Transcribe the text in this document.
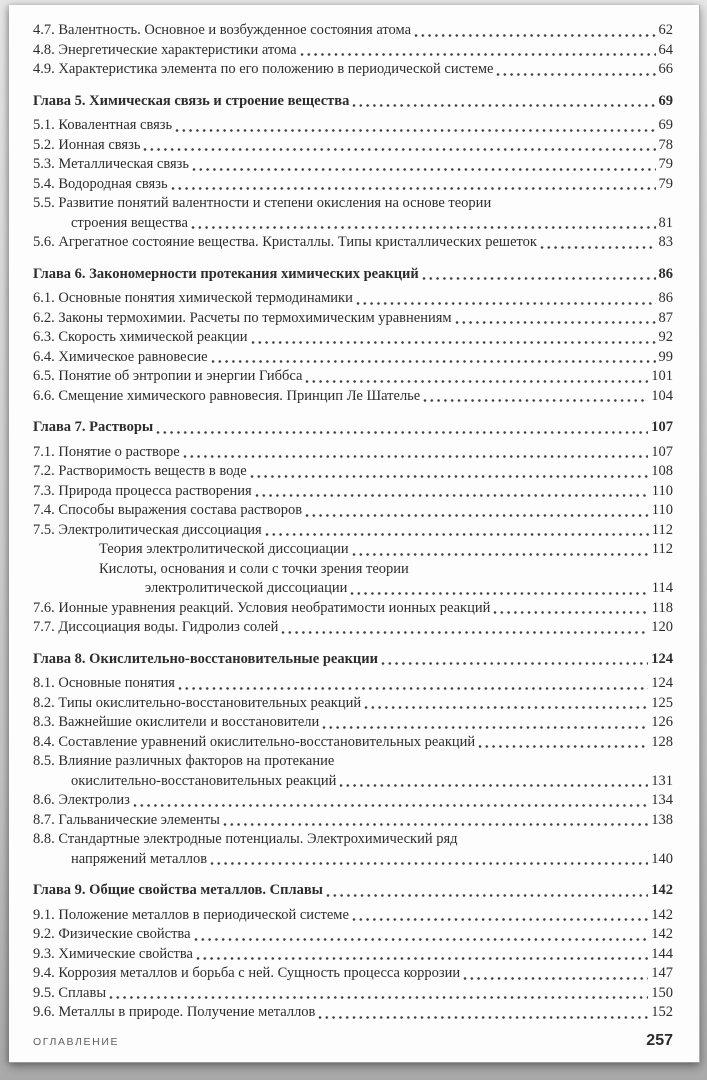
4.7. Валентность. Основное и возбужденное состояния атома	62
4.8. Энергетические характеристики атома	64
4.9. Характеристика элемента по его положению в периодической системе	66
Глава 5. Химическая связь и строение вещества	69
5.1. Ковалентная связь	69
5.2. Ионная связь	78
5.3. Металлическая связь	79
5.4. Водородная связь	79
5.5. Развитие понятий валентности и степени окисления на основе теории
строения вещества	81
5.6. Агрегатное состояние вещества. Кристаллы. Типы кристаллических решеток	83
Глава 6. Закономерности протекания химических реакций	86
6.1. Основные понятия химической термодинамики	86
6.2. Законы термохимии. Расчеты по термохимическим уравнениям	87
6.3. Скорость химической реакции	92
6.4. Химическое равновесие	99
6.5. Понятие об энтропии и энергии Гиббса	101
6.6. Смещение химического равновесия. Принцип Ле Шателье	104
Глава 7. Растворы	107
7.1. Понятие о растворе	107
7.2. Растворимость веществ в воде	108
7.3. Природа процесса растворения	110
7.4. Способы выражения состава растворов	110
7.5. Электролитическая диссоциация	112
Теория электролитической диссоциации	112
Кислоты, основания и соли с точки зрения теории
электролитической диссоциации	114
7.6. Ионные уравнения реакций. Условия необратимости ионных реакций	118
7.7. Диссоциация воды. Гидролиз солей	120
Глава 8. Окислительно-восстановительные реакции	124
8.1. Основные понятия	124
8.2. Типы окислительно-восстановительных реакций	125
8.3. Важнейшие окислители и восстановители	126
8.4. Составление уравнений окислительно-восстановительных реакций	128
8.5. Влияние различных факторов на протекание
окислительно-восстановительных реакций	131
8.6. Электролиз	134
8.7. Гальванические элементы	138
8.8. Стандартные электродные потенциалы. Электрохимический ряд
напряжений металлов	140
Глава 9. Общие свойства металлов. Сплавы	142
9.1. Положение металлов в периодической системе	142
9.2. Физические свойства	142
9.3. Химические свойства	144
9.4. Коррозия металлов и борьба с ней. Сущность процесса коррозии	147
9.5. Сплавы	150
9.6. Металлы в природе. Получение металлов	152
ОГЛАВЛЕНИЕ	257
